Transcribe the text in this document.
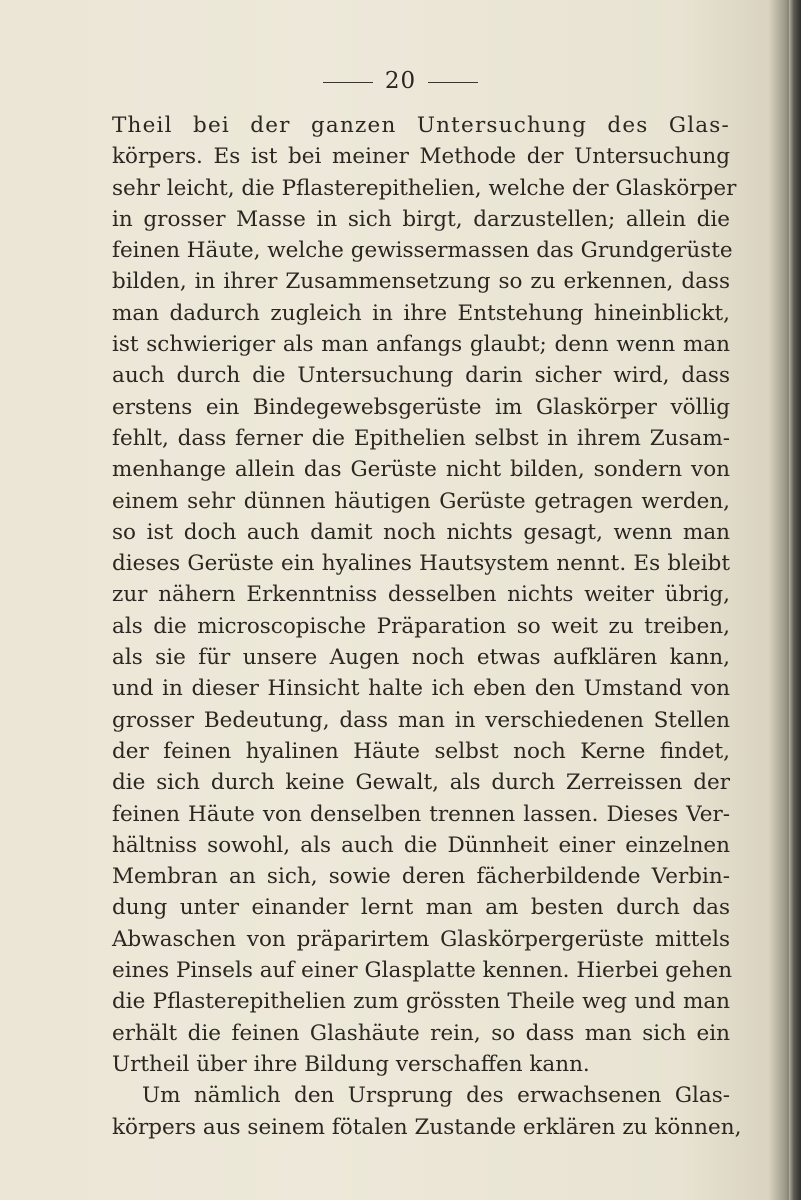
20
Theil bei der ganzen Untersuchung des Glas-
körpers. Es ist bei meiner Methode der Untersuchung
sehr leicht, die Pflasterepithelien, welche der Glaskörper
in grosser Masse in sich birgt, darzustellen; allein die
feinen Häute, welche gewissermassen das Grundgerüste
bilden, in ihrer Zusammensetzung so zu erkennen, dass
man dadurch zugleich in ihre Entstehung hineinblickt,
ist schwieriger als man anfangs glaubt; denn wenn man
auch durch die Untersuchung darin sicher wird, dass
erstens ein Bindegewebsgerüste im Glaskörper völlig
fehlt, dass ferner die Epithelien selbst in ihrem Zusam-
menhange allein das Gerüste nicht bilden, sondern von
einem sehr dünnen häutigen Gerüste getragen werden,
so ist doch auch damit noch nichts gesagt, wenn man
dieses Gerüste ein hyalines Hautsystem nennt. Es bleibt
zur nähern Erkenntniss desselben nichts weiter übrig,
als die microscopische Präparation so weit zu treiben,
als sie für unsere Augen noch etwas aufklären kann,
und in dieser Hinsicht halte ich eben den Umstand von
grosser Bedeutung, dass man in verschiedenen Stellen
der feinen hyalinen Häute selbst noch Kerne findet,
die sich durch keine Gewalt, als durch Zerreissen der
feinen Häute von denselben trennen lassen. Dieses Ver-
hältniss sowohl, als auch die Dünnheit einer einzelnen
Membran an sich, sowie deren fächerbildende Verbin-
dung unter einander lernt man am besten durch das
Abwaschen von präparirtem Glaskörpergerüste mittels
eines Pinsels auf einer Glasplatte kennen. Hierbei gehen
die Pflasterepithelien zum grössten Theile weg und man
erhält die feinen Glashäute rein, so dass man sich ein
Urtheil über ihre Bildung verschaffen kann.
Um nämlich den Ursprung des erwachsenen Glas-
körpers aus seinem fötalen Zustande erklären zu können,
